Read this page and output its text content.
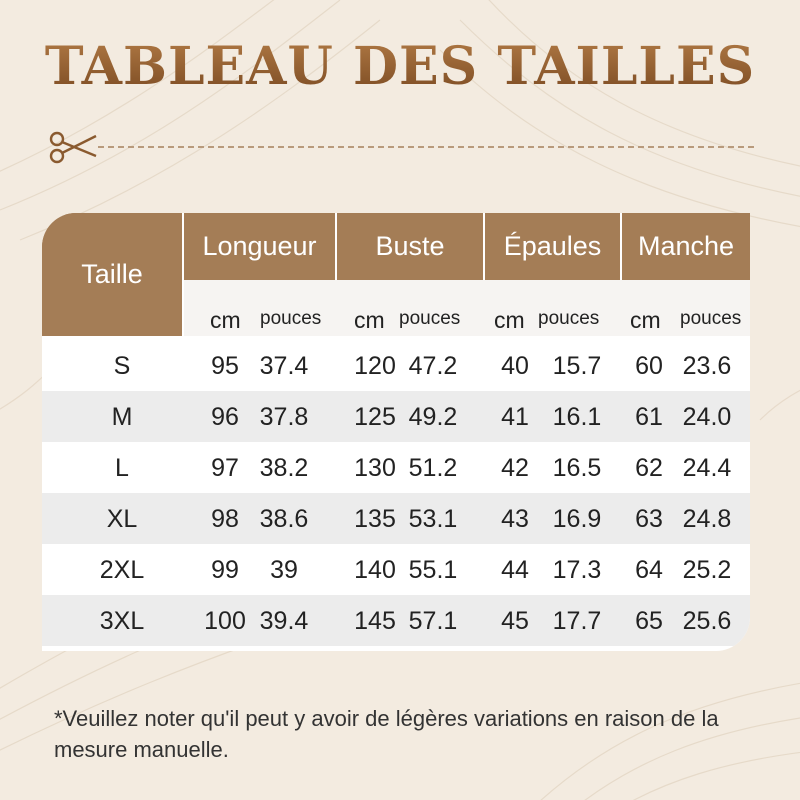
TABLEAU DES TAILLES
Taille
Longueur	Buste	Épaules	Manche
cm pouces cm pouces cm pouces cm pouces
S	95 37.4	120 47.2	40 15.7	60 23.6
M	96 37.8	125 49.2	41 16.1	61 24.0
L	97 38.2	130 51.2	42 16.5	62 24.4
XL	98 38.6	135 53.1	43 16.9	63 24.8
2XL	99	39	140 55.1	44 17.3	64 25.2
3XL	100 39.4	145 57.1	45 17.7	65 25.6
*Veuillez noter qu'il peut y avoir de légères variations en raison de la mesure manuelle.
